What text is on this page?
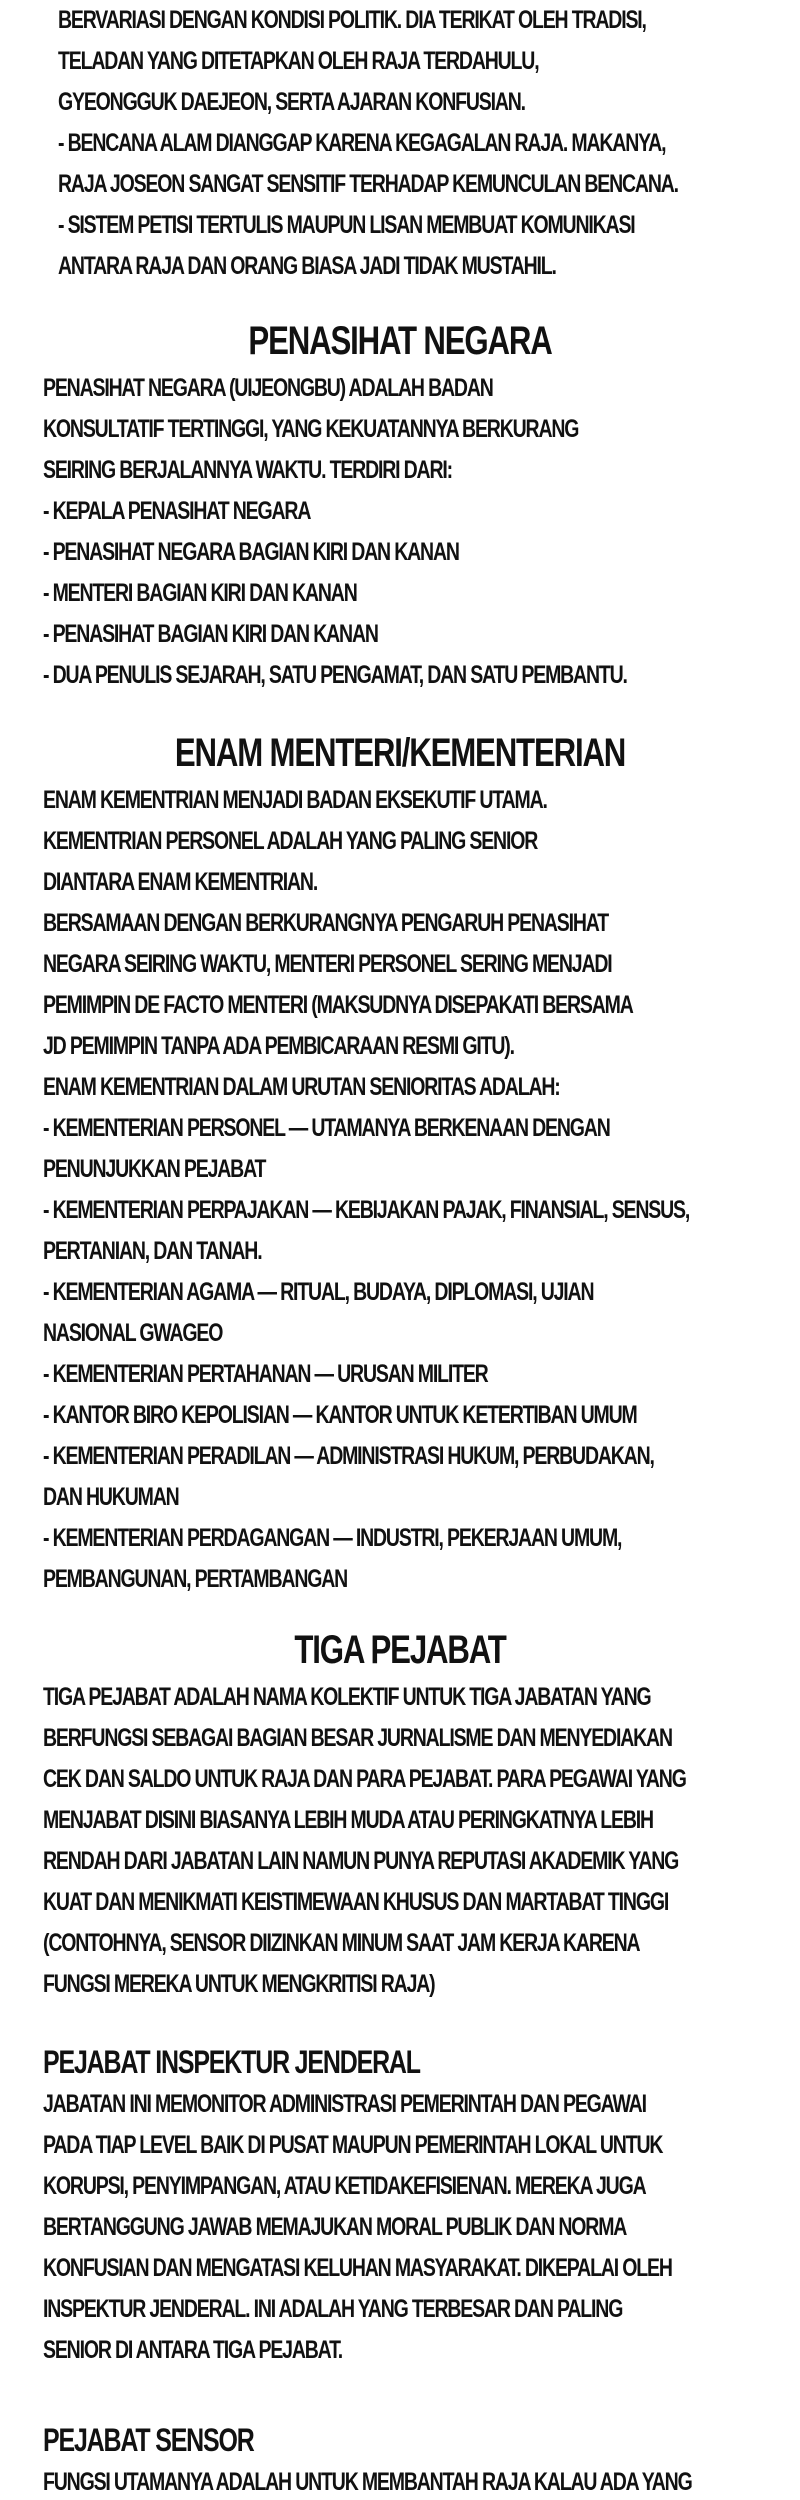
BERVARIASI DENGAN KONDISI POLITIK. DIA TERIKAT OLEH TRADISI,

TELADAN YANG DITETAPKAN OLEH RAJA TERDAHULU,

GYEONGGUK DAEJEON, SERTA AJARAN KONFUSIAN.

- BENCANA ALAM DIANGGAP KARENA KEGAGALAN RAJA. MAKANYA,

RAJA JOSEON SANGAT SENSITIF TERHADAP KEMUNCULAN BENCANA.

- SISTEM PETISI TERTULIS MAUPUN LISAN MEMBUAT KOMUNIKASI

ANTARA RAJA DAN ORANG BIASA JADI TIDAK MUSTAHIL.

PENASIHAT NEGARA

PENASIHAT NEGARA (UIJEONGBU) ADALAH BADAN

KONSULTATIF TERTINGGI, YANG KEKUATANNYA BERKURANG

SEIRING BERJALANNYA WAKTU. TERDIRI DARI:

- KEPALA PENASIHAT NEGARA

- PENASIHAT NEGARA BAGIAN KIRI DAN KANAN

- MENTERI BAGIAN KIRI DAN KANAN

- PENASIHAT BAGIAN KIRI DAN KANAN

- DUA PENULIS SEJARAH, SATU PENGAMAT, DAN SATU PEMBANTU.

ENAM MENTERI/KEMENTERIAN

ENAM KEMENTRIAN MENJADI BADAN EKSEKUTIF UTAMA.

KEMENTRIAN PERSONEL ADALAH YANG PALING SENIOR

DIANTARA ENAM KEMENTRIAN.

BERSAMAAN DENGAN BERKURANGNYA PENGARUH PENASIHAT

NEGARA SEIRING WAKTU, MENTERI PERSONEL SERING MENJADI

PEMIMPIN DE FACTO MENTERI (MAKSUDNYA DISEPAKATI BERSAMA

JD PEMIMPIN TANPA ADA PEMBICARAAN RESMI GITU).

ENAM KEMENTRIAN DALAM URUTAN SENIORITAS ADALAH:

- KEMENTERIAN PERSONEL — UTAMANYA BERKENAAN DENGAN

PENUNJUKKAN PEJABAT

- KEMENTERIAN PERPAJAKAN — KEBIJAKAN PAJAK, FINANSIAL, SENSUS,

PERTANIAN, DAN TANAH.

- KEMENTERIAN AGAMA — RITUAL, BUDAYA, DIPLOMASI, UJIAN

NASIONAL GWAGEO

- KEMENTERIAN PERTAHANAN — URUSAN MILITER

- KANTOR BIRO KEPOLISIAN — KANTOR UNTUK KETERTIBAN UMUM

- KEMENTERIAN PERADILAN — ADMINISTRASI HUKUM, PERBUDAKAN,

DAN HUKUMAN

- KEMENTERIAN PERDAGANGAN — INDUSTRI, PEKERJAAN UMUM,

PEMBANGUNAN, PERTAMBANGAN

TIGA PEJABAT

TIGA PEJABAT ADALAH NAMA KOLEKTIF UNTUK TIGA JABATAN YANG

BERFUNGSI SEBAGAI BAGIAN BESAR JURNALISME DAN MENYEDIAKAN

CEK DAN SALDO UNTUK RAJA DAN PARA PEJABAT. PARA PEGAWAI YANG

MENJABAT DISINI BIASANYA LEBIH MUDA ATAU PERINGKATNYA LEBIH

RENDAH DARI JABATAN LAIN NAMUN PUNYA REPUTASI AKADEMIK YANG

KUAT DAN MENIKMATI KEISTIMEWAAN KHUSUS DAN MARTABAT TINGGI

(CONTOHNYA, SENSOR DIIZINKAN MINUM SAAT JAM KERJA KARENA

FUNGSI MEREKA UNTUK MENGKRITISI RAJA)

PEJABAT INSPEKTUR JENDERAL

JABATAN INI MEMONITOR ADMINISTRASI PEMERINTAH DAN PEGAWAI

PADA TIAP LEVEL BAIK DI PUSAT MAUPUN PEMERINTAH LOKAL UNTUK

KORUPSI, PENYIMPANGAN, ATAU KETIDAKEFISIENAN. MEREKA JUGA

BERTANGGUNG JAWAB MEMAJUKAN MORAL PUBLIK DAN NORMA

KONFUSIAN DAN MENGATASI KELUHAN MASYARAKAT. DIKEPALAI OLEH

INSPEKTUR JENDERAL. INI ADALAH YANG TERBESAR DAN PALING

SENIOR DI ANTARA TIGA PEJABAT.

PEJABAT SENSOR

FUNGSI UTAMANYA ADALAH UNTUK MEMBANTAH RAJA KALAU ADA YANG
